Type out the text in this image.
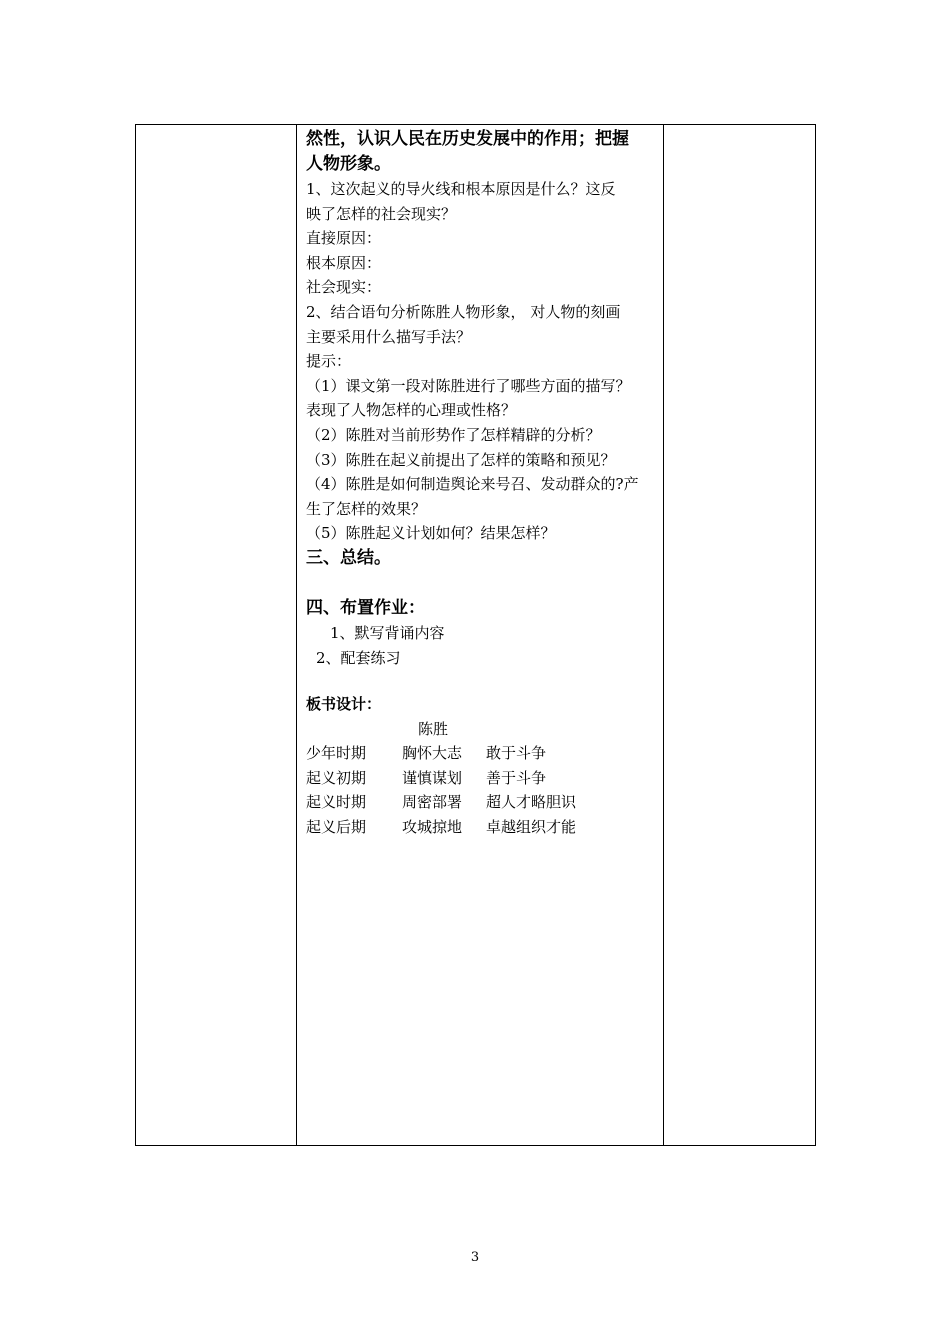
然性，认识人民在历史发展中的作用；把握
人物形象。
1、这次起义的导火线和根本原因是什么？这反
映了怎样的社会现实？
直接原因：
根本原因：
社会现实：
2、结合语句分析陈胜人物形象， 对人物的刻画
主要采用什么描写手法？
提示：
（1）课文第一段对陈胜进行了哪些方面的描写？
表现了人物怎样的心理或性格？
（2）陈胜对当前形势作了怎样精辟的分析？
（3）陈胜在起义前提出了怎样的策略和预见？
（4）陈胜是如何制造舆论来号召、发动群众的?产
生了怎样的效果？
（5）陈胜起义计划如何？结果怎样？
三、总结。
四、布置作业：
1、默写背诵内容
2、配套练习
板书设计：
陈胜
少年时期	胸怀大志	敢于斗争
起义初期	谨慎谋划	善于斗争
起义时期	周密部署	超人才略胆识
起义后期	攻城掠地	卓越组织才能
3
